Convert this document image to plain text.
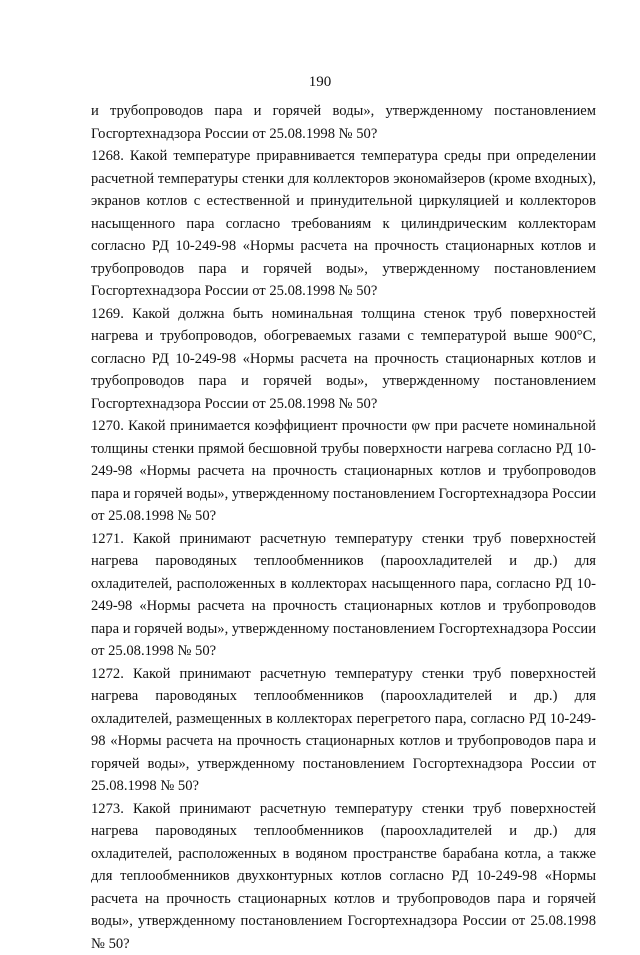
190

и трубопроводов пара и горячей воды», утвержденному постановлением Госгортехнадзора России от 25.08.1998 № 50?

1268. Какой температуре приравнивается температура среды при определении расчетной температуры стенки для коллекторов экономайзеров (кроме входных), экранов котлов с естественной и принудительной циркуляцией и коллекторов насыщенного пара согласно требованиям к цилиндрическим коллекторам согласно РД 10-249-98 «Нормы расчета на прочность стационарных котлов и трубопроводов пара и горячей воды», утвержденному постановлением Госгортехнадзора России от 25.08.1998 № 50?

1269. Какой должна быть номинальная толщина стенок труб поверхностей нагрева и трубопроводов, обогреваемых газами с температурой выше 900°С, согласно РД 10-249-98 «Нормы расчета на прочность стационарных котлов и трубопроводов пара и горячей воды», утвержденному постановлением Госгортехнадзора России от 25.08.1998 № 50?

1270. Какой принимается коэффициент прочности φw при расчете номинальной толщины стенки прямой бесшовной трубы поверхности нагрева согласно РД 10-249-98 «Нормы расчета на прочность стационарных котлов и трубопроводов пара и горячей воды», утвержденному постановлением Госгортехнадзора России от 25.08.1998 № 50?

1271. Какой принимают расчетную температуру стенки труб поверхностей нагрева пароводяных теплообменников (пароохладителей и др.) для охладителей, расположенных в коллекторах насыщенного пара, согласно РД 10-249-98 «Нормы расчета на прочность стационарных котлов и трубопроводов пара и горячей воды», утвержденному постановлением Госгортехнадзора России от 25.08.1998 № 50?

1272. Какой принимают расчетную температуру стенки труб поверхностей нагрева пароводяных теплообменников (пароохладителей и др.) для охладителей, размещенных в коллекторах перегретого пара, согласно РД 10-249-98 «Нормы расчета на прочность стационарных котлов и трубопроводов пара и горячей воды», утвержденному постановлением Госгортехнадзора России от 25.08.1998 № 50?

1273. Какой принимают расчетную температуру стенки труб поверхностей нагрева пароводяных теплообменников (пароохладителей и др.) для охладителей, расположенных в водяном пространстве барабана котла, а также для теплообменников двухконтурных котлов согласно РД 10-249-98 «Нормы расчета на прочность стационарных котлов и трубопроводов пара и горячей воды», утвержденному постановлением Госгортехнадзора России от 25.08.1998 № 50?
